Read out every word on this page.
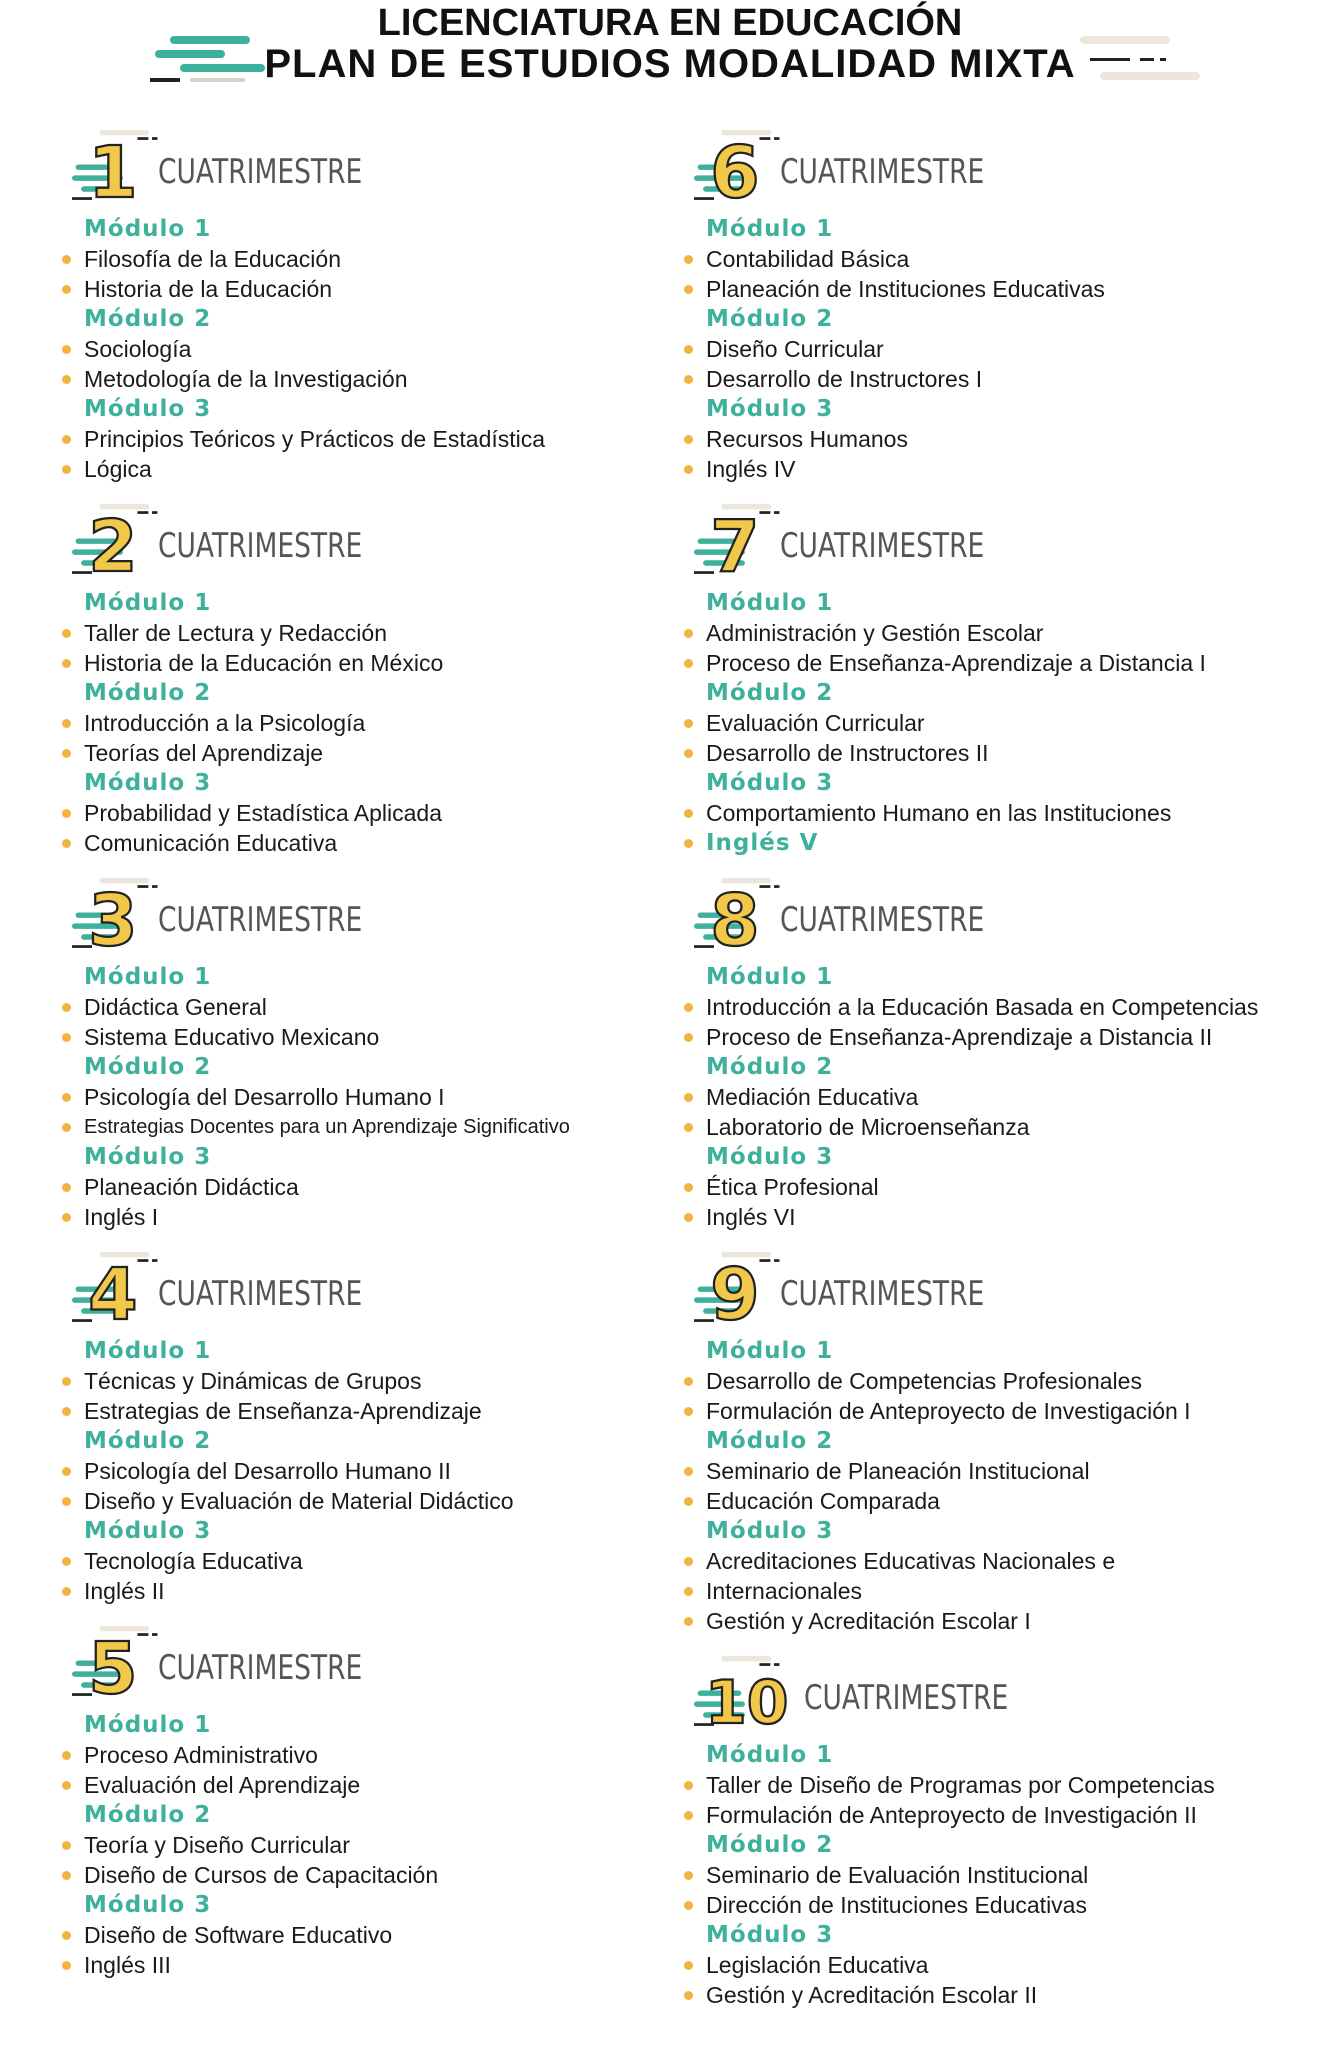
LICENCIATURA EN EDUCACIÓN
PLAN DE ESTUDIOS MODALIDAD MIXTA
1 CUATRIMESTRE
Módulo 1
Filosofía de la Educación
Historia de la Educación
Módulo 2
Sociología
Metodología de la Investigación
Módulo 3
Principios Teóricos y Prácticos de Estadística
Lógica
2 CUATRIMESTRE
Módulo 1
Taller de Lectura y Redacción
Historia de la Educación en México
Módulo 2
Introducción a la Psicología
Teorías del Aprendizaje
Módulo 3
Probabilidad y Estadística Aplicada
Comunicación Educativa
3 CUATRIMESTRE
Módulo 1
Didáctica General
Sistema Educativo Mexicano
Módulo 2
Psicología del Desarrollo Humano I
Estrategias Docentes para un Aprendizaje Significativo
Módulo 3
Planeación Didáctica
Inglés I
4 CUATRIMESTRE
Módulo 1
Técnicas y Dinámicas de Grupos
Estrategias de Enseñanza-Aprendizaje
Módulo 2
Psicología del Desarrollo Humano II
Diseño y Evaluación de Material Didáctico
Módulo 3
Tecnología Educativa
Inglés II
5 CUATRIMESTRE
Módulo 1
Proceso Administrativo
Evaluación del Aprendizaje
Módulo 2
Teoría y Diseño Curricular
Diseño de Cursos de Capacitación
Módulo 3
Diseño de Software Educativo
Inglés III
6 CUATRIMESTRE
Módulo 1
Contabilidad Básica
Planeación de Instituciones Educativas
Módulo 2
Diseño Curricular
Desarrollo de Instructores I
Módulo 3
Recursos Humanos
Inglés IV
7 CUATRIMESTRE
Módulo 1
Administración y Gestión Escolar
Proceso de Enseñanza-Aprendizaje a Distancia I
Módulo 2
Evaluación Curricular
Desarrollo de Instructores II
Módulo 3
Comportamiento Humano en las Instituciones
Inglés V
8 CUATRIMESTRE
Módulo 1
Introducción a la Educación Basada en Competencias
Proceso de Enseñanza-Aprendizaje a Distancia II
Módulo 2
Mediación Educativa
Laboratorio de Microenseñanza
Módulo 3
Ética Profesional
Inglés VI
9 CUATRIMESTRE
Módulo 1
Desarrollo de Competencias Profesionales
Formulación de Anteproyecto de Investigación I
Módulo 2
Seminario de Planeación Institucional
Educación Comparada
Módulo 3
Acreditaciones Educativas Nacionales e
Internacionales
Gestión y Acreditación Escolar I
10 CUATRIMESTRE
Módulo 1
Taller de Diseño de Programas por Competencias
Formulación de Anteproyecto de Investigación II
Módulo 2
Seminario de Evaluación Institucional
Dirección de Instituciones Educativas
Módulo 3
Legislación Educativa
Gestión y Acreditación Escolar II
